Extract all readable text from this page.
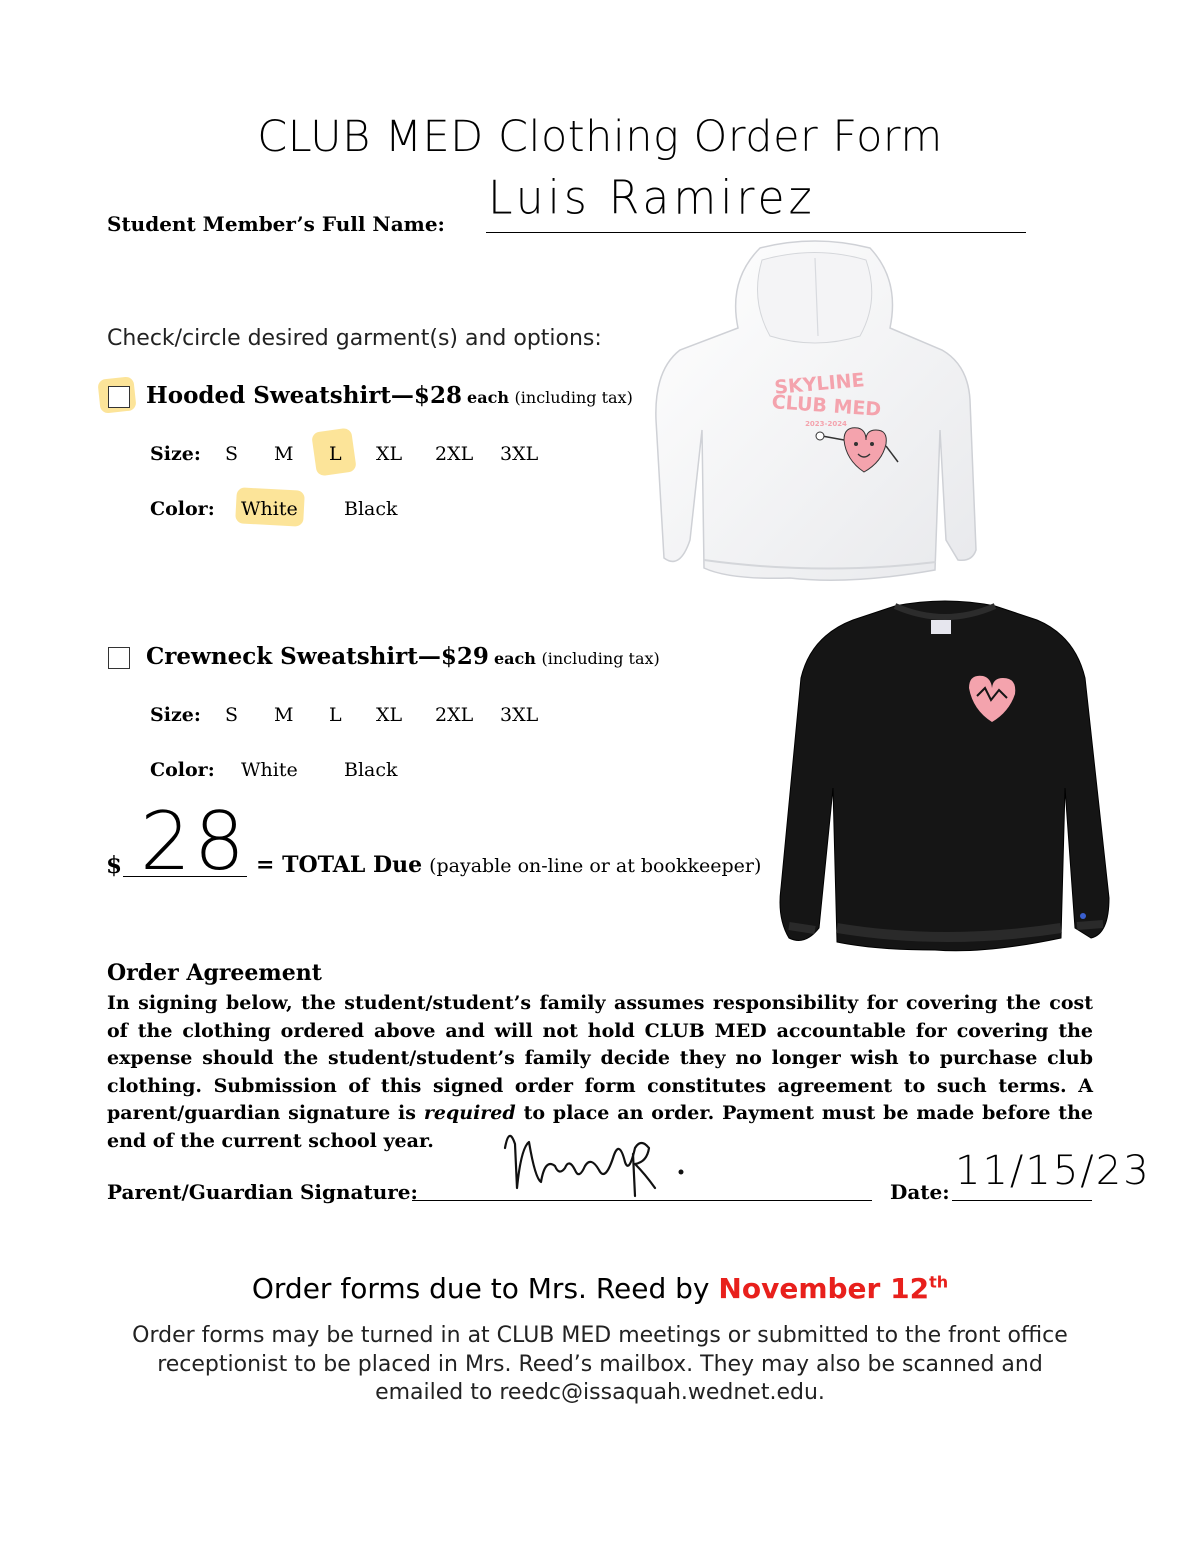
CLUB MED Clothing Order Form
Student Member’s Full Name: Luis Ramirez
Check/circle desired garment(s) and options:
Hooded Sweatshirt—$28 each (including tax)
Size: S M L XL 2XL 3XL
Color: White Black
SKYLINE
CLUB MED
2023-2024
Crewneck Sweatshirt—$29 each (including tax)
Size: S M L XL 2XL 3XL
Color: White Black
$ 28 = TOTAL Due (payable on-line or at bookkeeper)
Order Agreement
In signing below, the student/student’s family assumes responsibility for covering the cost of the clothing ordered above and will not hold CLUB MED accountable for covering the expense should the student/student’s family decide they no longer wish to purchase club clothing. Submission of this signed order form constitutes agreement to such terms. A parent/guardian signature is required to place an order. Payment must be made before the end of the current school year.
Parent/Guardian Signature:	Date: 11/15/23
Order forms due to Mrs. Reed by November 12th
Order forms may be turned in at CLUB MED meetings or submitted to the front office receptionist to be placed in Mrs. Reed’s mailbox. They may also be scanned and emailed to reedc@issaquah.wednet.edu.
